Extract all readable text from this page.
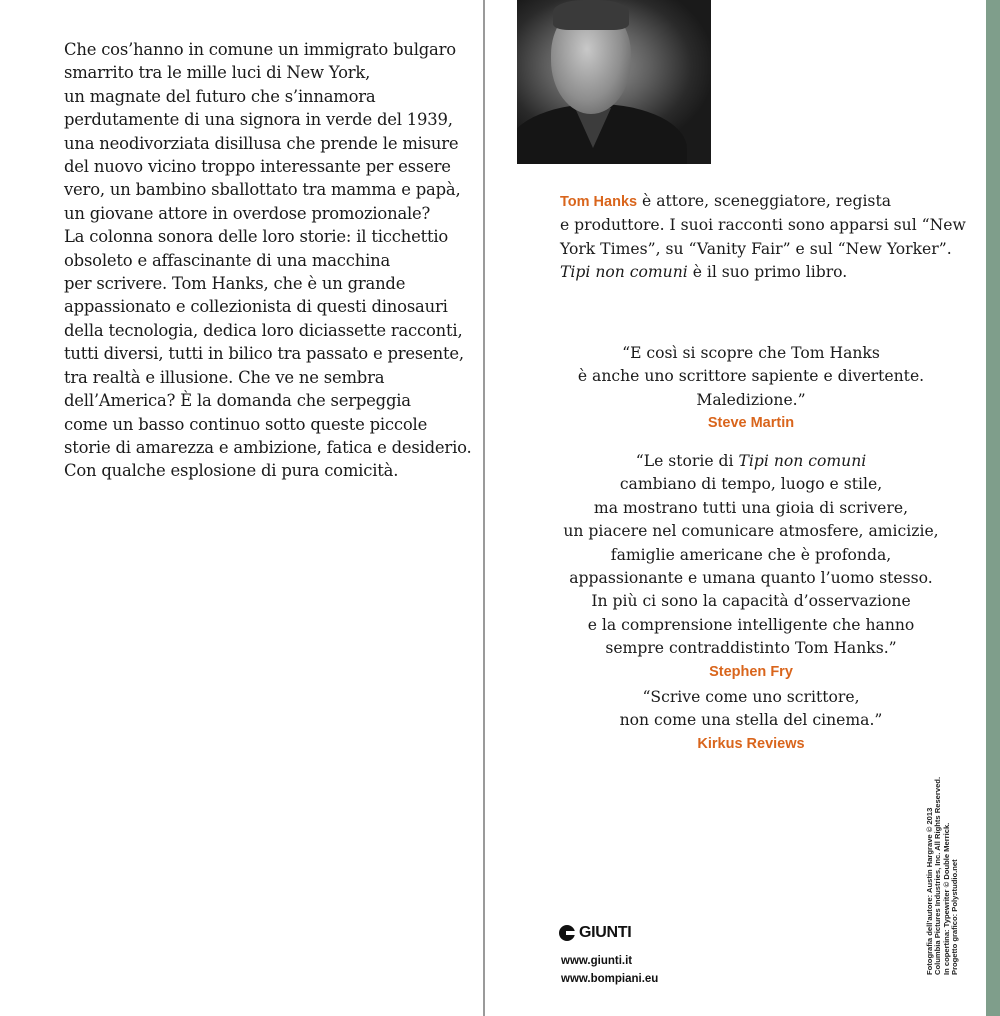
Che cos’hanno in comune un immigrato bulgaro
smarrito tra le mille luci di New York,
un magnate del futuro che s’innamora
perdutamente di una signora in verde del 1939,
una neodivorziata disillusa che prende le misure
del nuovo vicino troppo interessante per essere
vero, un bambino sballottato tra mamma e papà,
un giovane attore in overdose promozionale?
La colonna sonora delle loro storie: il ticchettio
obsoleto e affascinante di una macchina
per scrivere. Tom Hanks, che è un grande
appassionato e collezionista di questi dinosauri
della tecnologia, dedica loro diciassette racconti,
tutti diversi, tutti in bilico tra passato e presente,
tra realtà e illusione. Che ve ne sembra
dell’America? È la domanda che serpeggia
come un basso continuo sotto queste piccole
storie di amarezza e ambizione, fatica e desiderio.
Con qualche esplosione di pura comicità.
Tom Hanks è attore, sceneggiatore, regista
e produttore. I suoi racconti sono apparsi sul “New
York Times”, su “Vanity Fair” e sul “New Yorker”.
Tipi non comuni è il suo primo libro.
“E così si scopre che Tom Hanks
è anche uno scrittore sapiente e divertente.
Maledizione.”
Steve Martin
“Le storie di Tipi non comuni
cambiano di tempo, luogo e stile,
ma mostrano tutti una gioia di scrivere,
un piacere nel comunicare atmosfere, amicizie,
famiglie americane che è profonda,
appassionante e umana quanto l’uomo stesso.
In più ci sono la capacità d’osservazione
e la comprensione intelligente che hanno
sempre contraddistinto Tom Hanks.”
Stephen Fry
“Scrive come uno scrittore,
non come una stella del cinema.”
Kirkus Reviews
GIUNTI
www.giunti.it
www.bompiani.eu
Fotografia dell’autore: Austin Hargrave © 2013 Columbia Pictures Industries, Inc. All Rights Reserved. In copertina: Typewriter © Double Merrick. Progetto grafico: Polystudio.net
